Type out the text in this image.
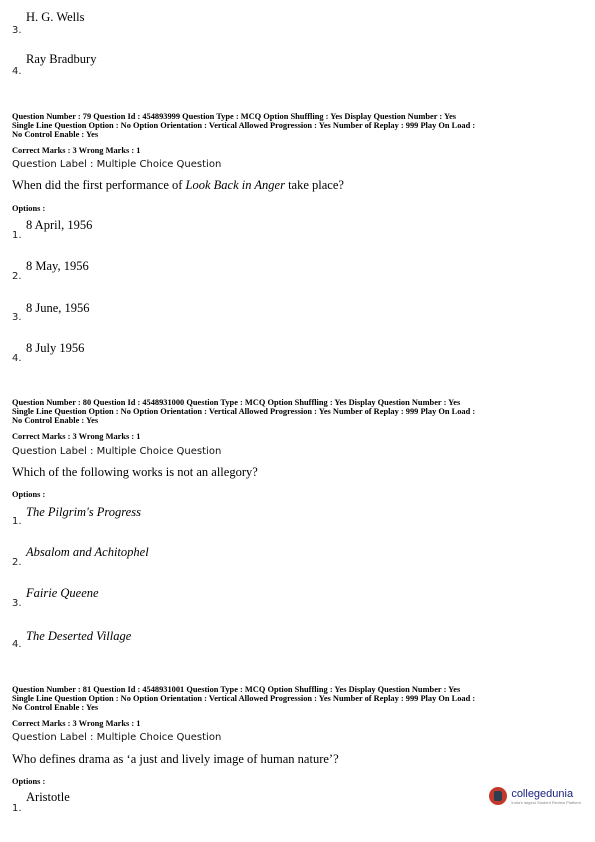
3.
H. G. Wells
4.
Ray Bradbury
Question Number : 79 Question Id : 454893999 Question Type : MCQ Option Shuffling : Yes Display Question Number : Yes
Single Line Question Option : No Option Orientation : Vertical Allowed Progression : Yes Number of Replay : 999 Play On Load :
No Control Enable : Yes
Correct Marks : 3 Wrong Marks : 1
Question Label : Multiple Choice Question
When did the first performance of Look Back in Anger take place?
Options :
1.
8 April, 1956
2.
8 May, 1956
3.
8 June, 1956
4.
8 July 1956
Question Number : 80 Question Id : 4548931000 Question Type : MCQ Option Shuffling : Yes Display Question Number : Yes
Single Line Question Option : No Option Orientation : Vertical Allowed Progression : Yes Number of Replay : 999 Play On Load :
No Control Enable : Yes
Correct Marks : 3 Wrong Marks : 1
Question Label : Multiple Choice Question
Which of the following works is not an allegory?
Options :
1.
The Pilgrim's Progress
2.
Absalom and Achitophel
3.
Fairie Queene
4.
The Deserted Village
Question Number : 81 Question Id : 4548931001 Question Type : MCQ Option Shuffling : Yes Display Question Number : Yes
Single Line Question Option : No Option Orientation : Vertical Allowed Progression : Yes Number of Replay : 999 Play On Load :
No Control Enable : Yes
Correct Marks : 3 Wrong Marks : 1
Question Label : Multiple Choice Question
Who defines drama as ‘a just and lively image of human nature’?
Options :
1.
Aristotle	collegedunia
India's largest Student Review Platform
